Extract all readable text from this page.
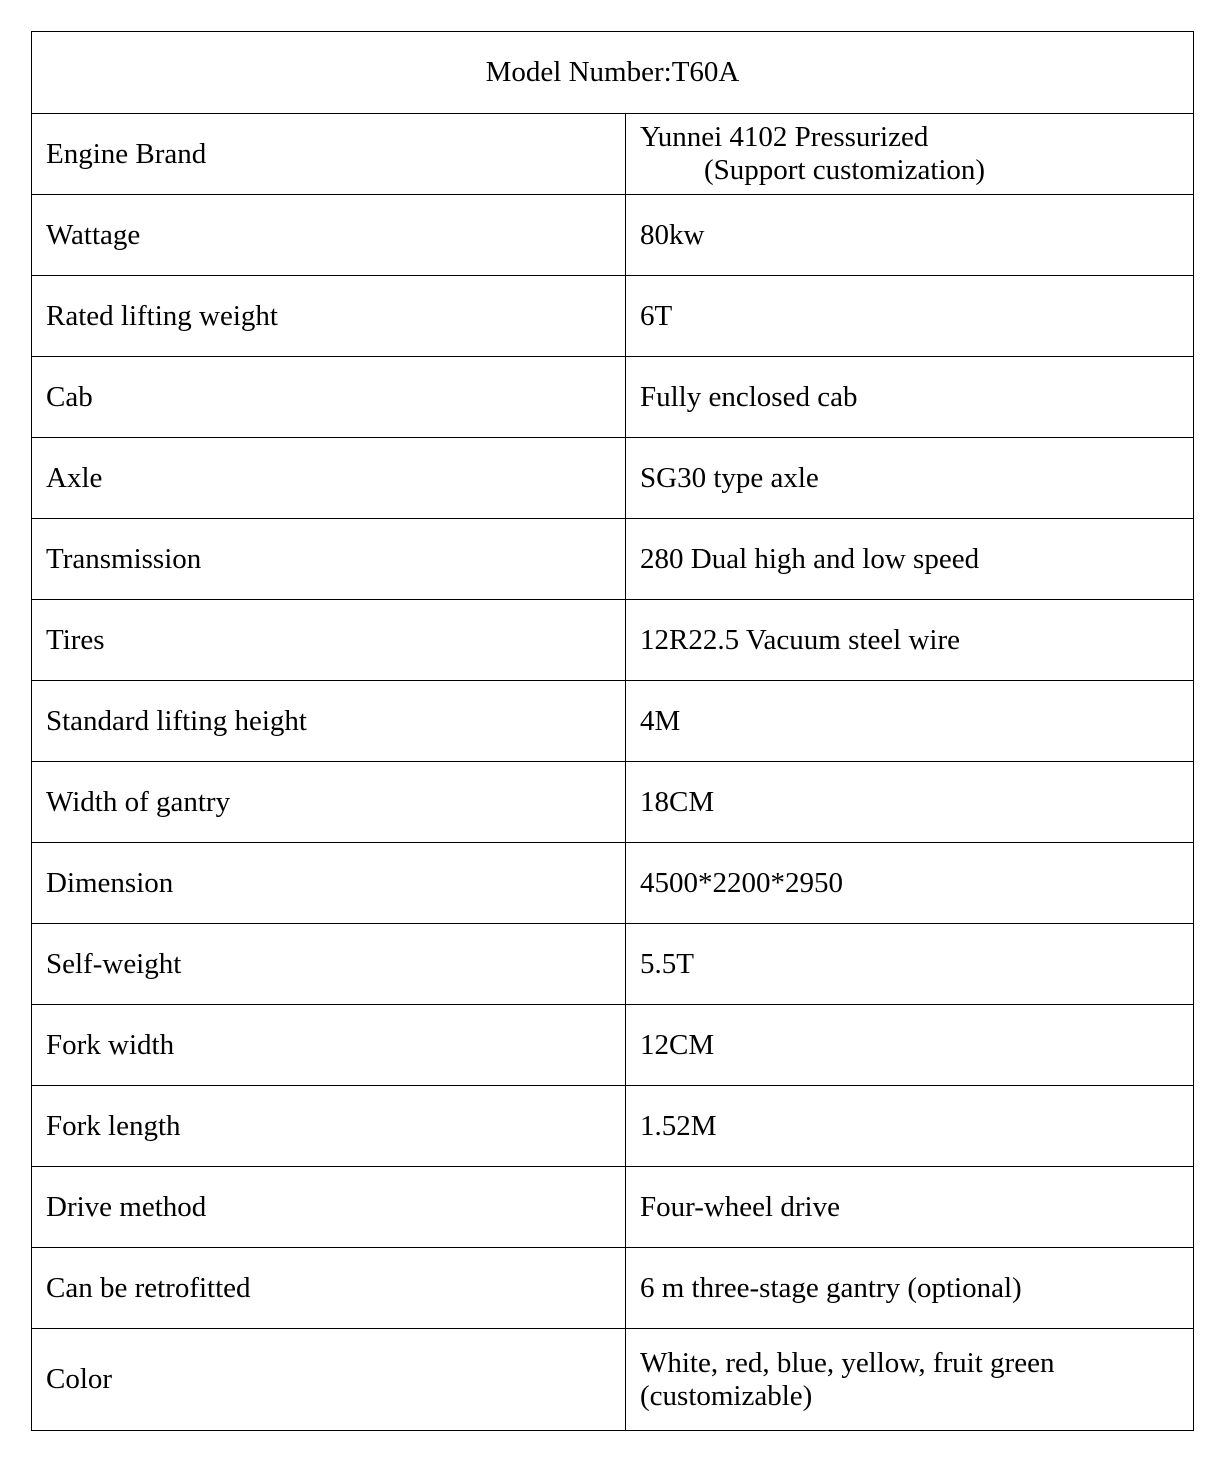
Model Number:T60A	
Engine Brand	Yunnei 4102 Pressurized
(Support customization)

Wattage	80kw
Rated lifting weight	6T
Cab	Fully enclosed cab
Axle	SG30 type axle
Transmission	280 Dual high and low speed
Tires	12R22.5 Vacuum steel wire
Standard lifting height	4M
Width of gantry	18CM
Dimension	4500*2200*2950
Self-weight	5.5T
Fork width	12CM
Fork length	1.52M
Drive method	Four-wheel drive
Can be retrofitted	6 m three-stage gantry (optional)
Color	White, red, blue, yellow, fruit green
(customizable)
